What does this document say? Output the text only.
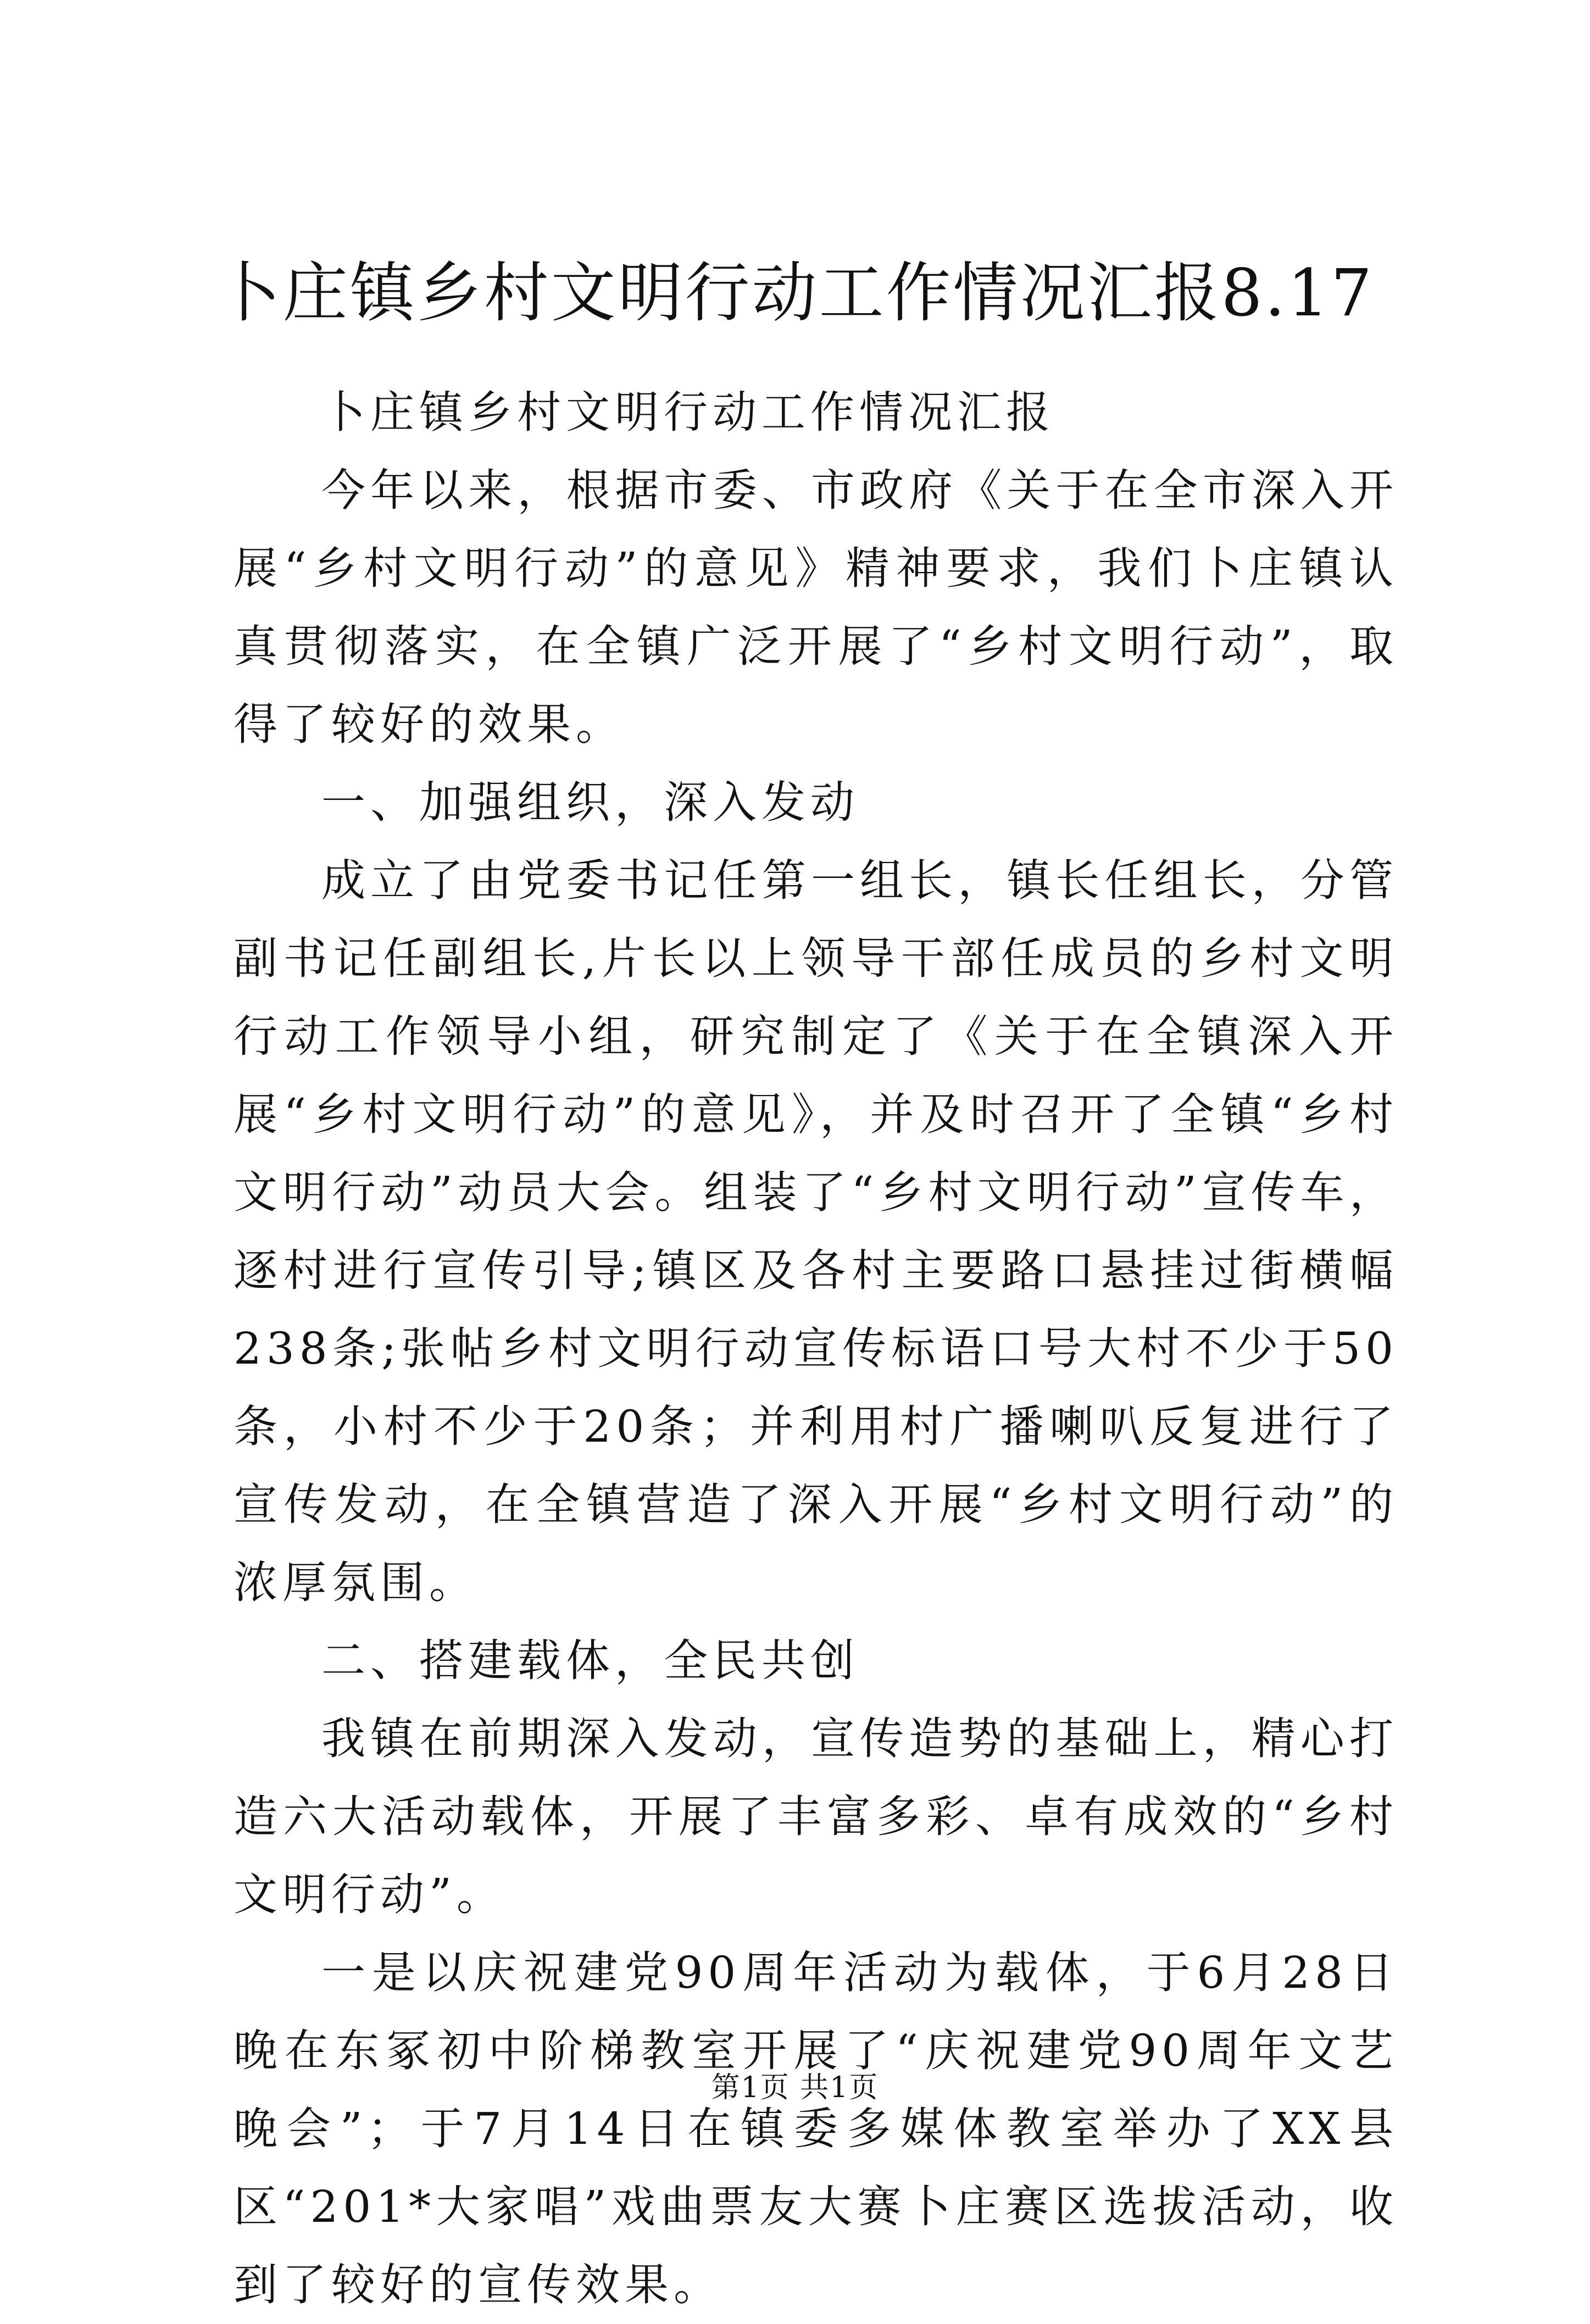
卜庄镇乡村文明行动工作情况汇报8.17

卜庄镇乡村文明行动工作情况汇报

今年以来，根据市委、市政府《关于在全市深入开展“乡村文明行动”的意见》精神要求，我们卜庄镇认真贯彻落实，在全镇广泛开展了“乡村文明行动”，取得了较好的效果。

一、加强组织，深入发动

成立了由党委书记任第一组长，镇长任组长，分管副书记任副组长,片长以上领导干部任成员的乡村文明行动工作领导小组，研究制定了《关于在全镇深入开展“乡村文明行动”的意见》，并及时召开了全镇“乡村文明行动”动员大会。组装了“乡村文明行动”宣传车，逐村进行宣传引导;镇区及各村主要路口悬挂过街横幅238条;张帖乡村文明行动宣传标语口号大村不少于50条，小村不少于20条；并利用村广播喇叭反复进行了宣传发动，在全镇营造了深入开展“乡村文明行动”的浓厚氛围。

二、搭建载体，全民共创

我镇在前期深入发动，宣传造势的基础上，精心打造六大活动载体，开展了丰富多彩、卓有成效的“乡村文明行动”。

一是以庆祝建党90周年活动为载体，于6月28日晚在东冢初中阶梯教室开展了“庆祝建党90周年文艺晚会”；于7月14日在镇委多媒体教室举办了XX县区“201*大家唱”戏曲票友大赛卜庄赛区选拔活动，收到了较好的宣传效果。

第1页 共1页
